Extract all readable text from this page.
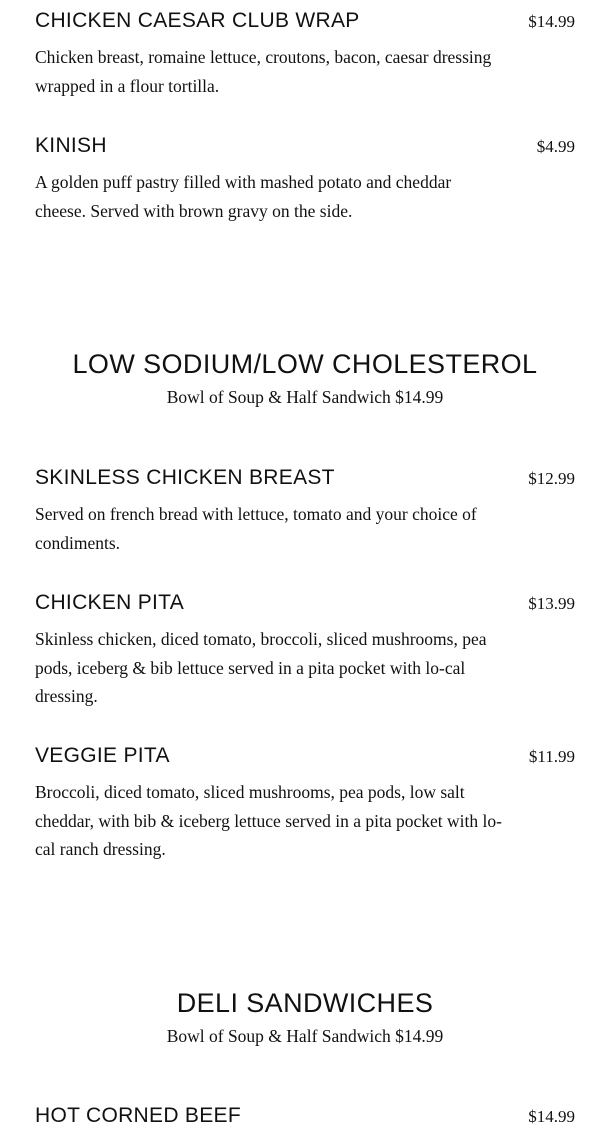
CHICKEN CAESAR CLUB WRAP	$14.99
Chicken breast, romaine lettuce, croutons, bacon, caesar dressing wrapped in a flour tortilla.
KINISH	$4.99
A golden puff pastry filled with mashed potato and cheddar cheese. Served with brown gravy on the side.
LOW SODIUM/LOW CHOLESTEROL
Bowl of Soup & Half Sandwich $14.99
SKINLESS CHICKEN BREAST	$12.99
Served on french bread with lettuce, tomato and your choice of condiments.
CHICKEN PITA	$13.99
Skinless chicken, diced tomato, broccoli, sliced mushrooms, pea pods, iceberg & bib lettuce served in a pita pocket with lo-cal dressing.
VEGGIE PITA	$11.99
Broccoli, diced tomato, sliced mushrooms, pea pods, low salt cheddar, with bib & iceberg lettuce served in a pita pocket with lo-cal ranch dressing.
DELI SANDWICHES
Bowl of Soup & Half Sandwich $14.99
HOT CORNED BEEF	$14.99
